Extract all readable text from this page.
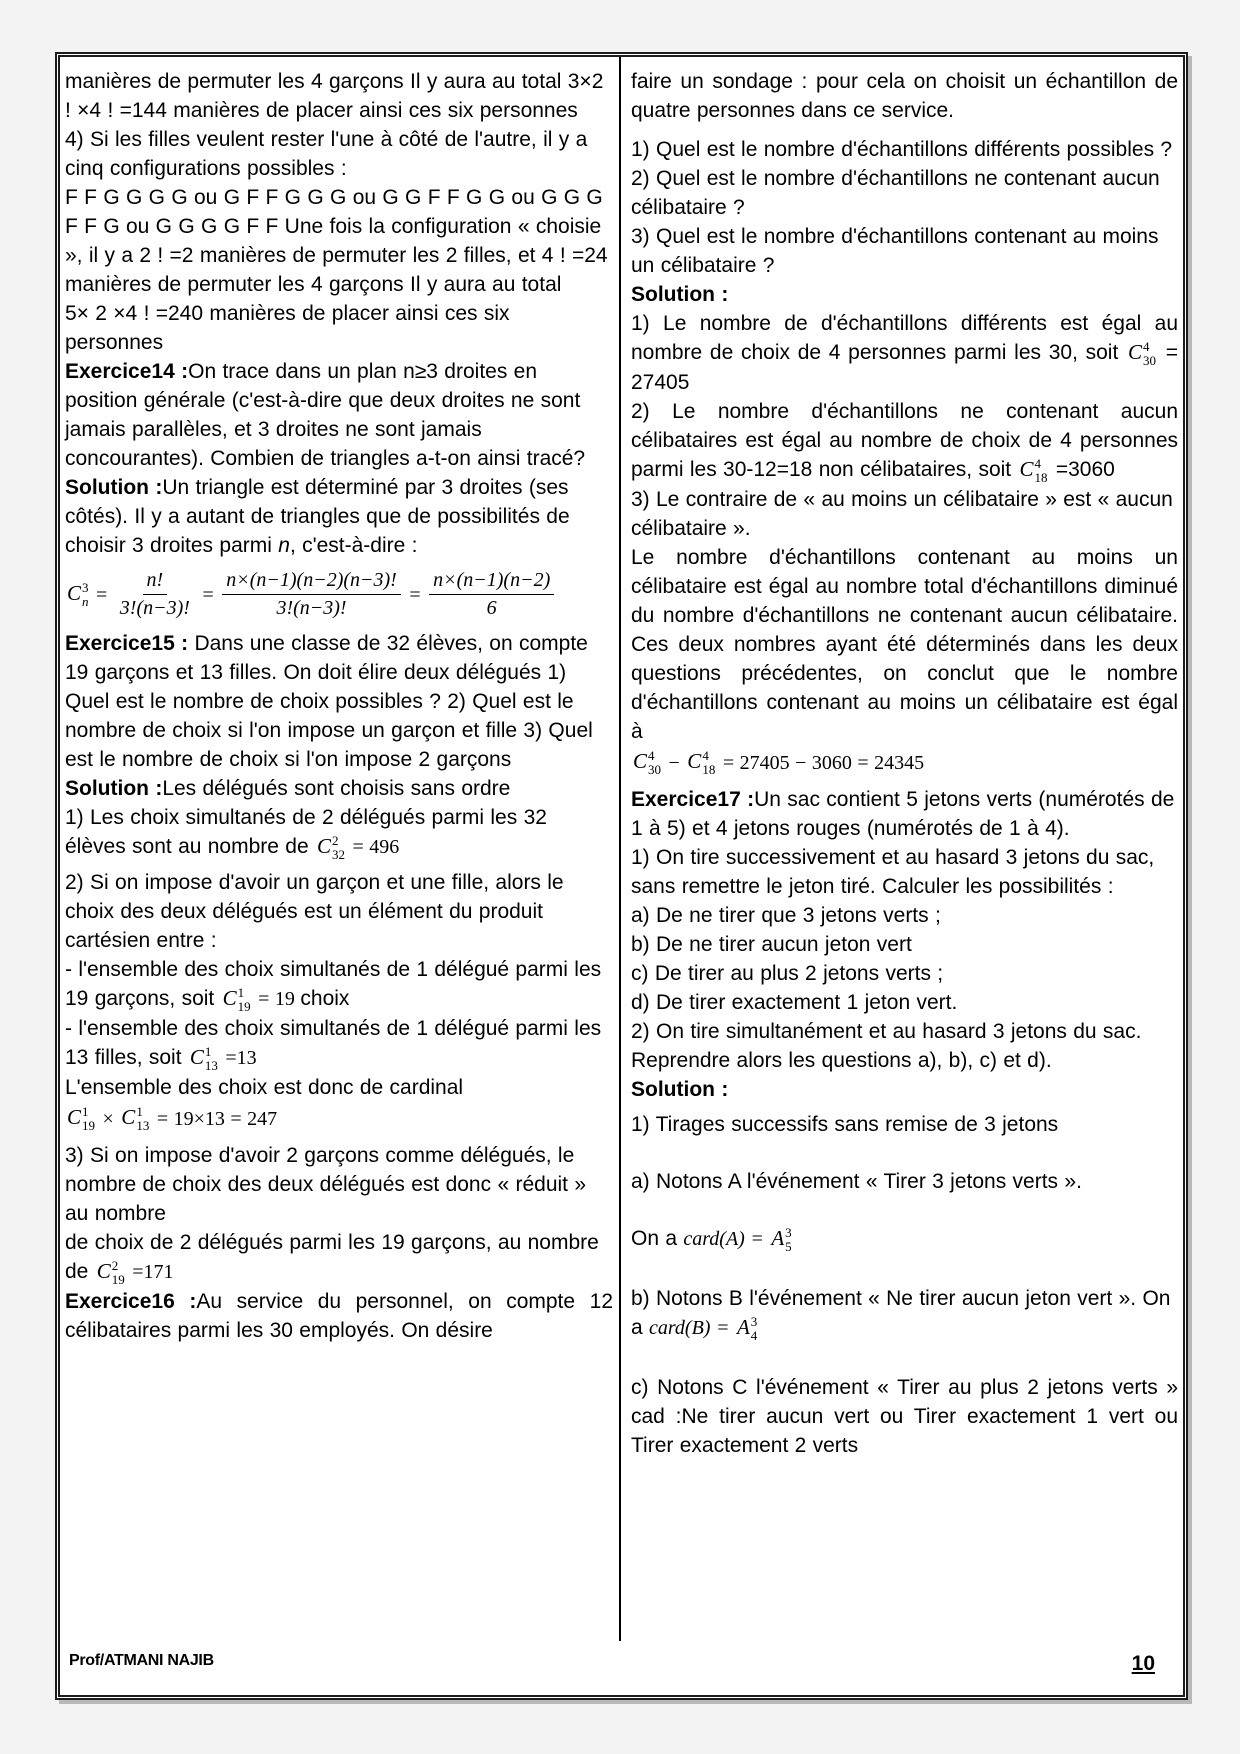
manières de permuter les 4 garçons Il y aura au total 3×2 ! ×4 ! =144 manières de placer ainsi ces six personnes
4) Si les filles veulent rester l'une à côté de l'autre, il y a cinq configurations possibles :
F F G G G G ou G F F G G G ou G G F F G G ou G G G F F G ou G G G G F F Une fois la configuration « choisie », il y a 2 ! =2 manières de permuter les 2 filles, et 4 ! =24 manières de permuter les 4 garçons Il y aura au total
5× 2 ×4 ! =240 manières de placer ainsi ces six personnes
Exercice14 :On trace dans un plan n≥3 droites en position générale (c'est-à-dire que deux droites ne sont jamais parallèles, et 3 droites ne sont jamais concourantes). Combien de triangles a-t-on ainsi tracé?
Solution :Un triangle est déterminé par 3 droites (ses côtés). Il y a autant de triangles que de possibilités de choisir 3 droites parmi n, c'est-à-dire :
C 3
$n = \frac{n!}{3!(n-3)!} = \frac{n\times(n-1)(n-2)(n-3)!}{3!(n-3)!} = \frac{n\times(n-1)(n-2)}{6}$
Exercice15 : Dans une classe de 32 élèves, on compte 19 garçons et 13 filles. On doit élire deux délégués 1) Quel est le nombre de choix possibles ? 2) Quel est le nombre de choix si l'on impose un garçon et fille 3) Quel est le nombre de choix si l'on impose 2 garçons
Solution :Les délégués sont choisis sans ordre
1) Les choix simultanés de 2 délégués parmi les 32 élèves sont au nombre de C 2
32 = 496
2) Si on impose d'avoir un garçon et une fille, alors le choix des deux délégués est un élément du produit cartésien entre :
- l'ensemble des choix simultanés de 1 délégué parmi les 19 garçons, soit C 1
19 = 19 choix
- l'ensemble des choix simultanés de 1 délégué parmi les 13 filles, soit C 1
13 =13
L'ensemble des choix est donc de cardinal
C 1
19 × C 1
13 = 19×13 = 247
3) Si on impose d'avoir 2 garçons comme délégués, le nombre de choix des deux délégués est donc « réduit » au nombre
de choix de 2 délégués parmi les 19 garçons, au nombre de C 2
19 =171
Exercice16 :Au service du personnel, on compte 12 célibataires parmi les 30 employés. On désire
faire un sondage : pour cela on choisit un échantillon de quatre personnes dans ce service.
1) Quel est le nombre d'échantillons différents possibles ?
2) Quel est le nombre d'échantillons ne contenant aucun célibataire ?
3) Quel est le nombre d'échantillons contenant au moins un célibataire ?
Solution :
1) Le nombre de d'échantillons différents est égal au nombre de choix de 4 personnes parmi les 30, soit C 4
30 = 27405
2) Le nombre d'échantillons ne contenant aucun célibataires est égal au nombre de choix de 4 personnes parmi les 30-12=18 non célibataires, soit C 4
18 =3060
3) Le contraire de « au moins un célibataire » est « aucun célibataire ».
Le nombre d'échantillons contenant au moins un célibataire est égal au nombre total d'échantillons diminué du nombre d'échantillons ne contenant aucun célibataire. Ces deux nombres ayant été déterminés dans les deux questions précédentes, on conclut que le nombre d'échantillons contenant au moins un célibataire est égal à
C 4
30 − C 4
18 = 27405 − 3060 = 24345
Exercice17 :Un sac contient 5 jetons verts (numérotés de 1 à 5) et 4 jetons rouges (numérotés de 1 à 4).
1) On tire successivement et au hasard 3 jetons du sac, sans remettre le jeton tiré. Calculer les possibilités :
a) De ne tirer que 3 jetons verts ;
b) De ne tirer aucun jeton vert
c) De tirer au plus 2 jetons verts ;
d) De tirer exactement 1 jeton vert.
2) On tire simultanément et au hasard 3 jetons du sac.
Reprendre alors les questions a), b), c) et d).
Solution :
1) Tirages successifs sans remise de 3 jetons
a) Notons A l'événement « Tirer 3 jetons verts ».
On a card(A) = A 3
5
b) Notons B l'événement « Ne tirer aucun jeton vert ». On a card(B) = A 3
4
c) Notons C l'événement « Tirer au plus 2 jetons verts » cad :Ne tirer aucun vert ou Tirer exactement 1 vert ou Tirer exactement 2 verts
Prof/ATMANI NAJIB	10
